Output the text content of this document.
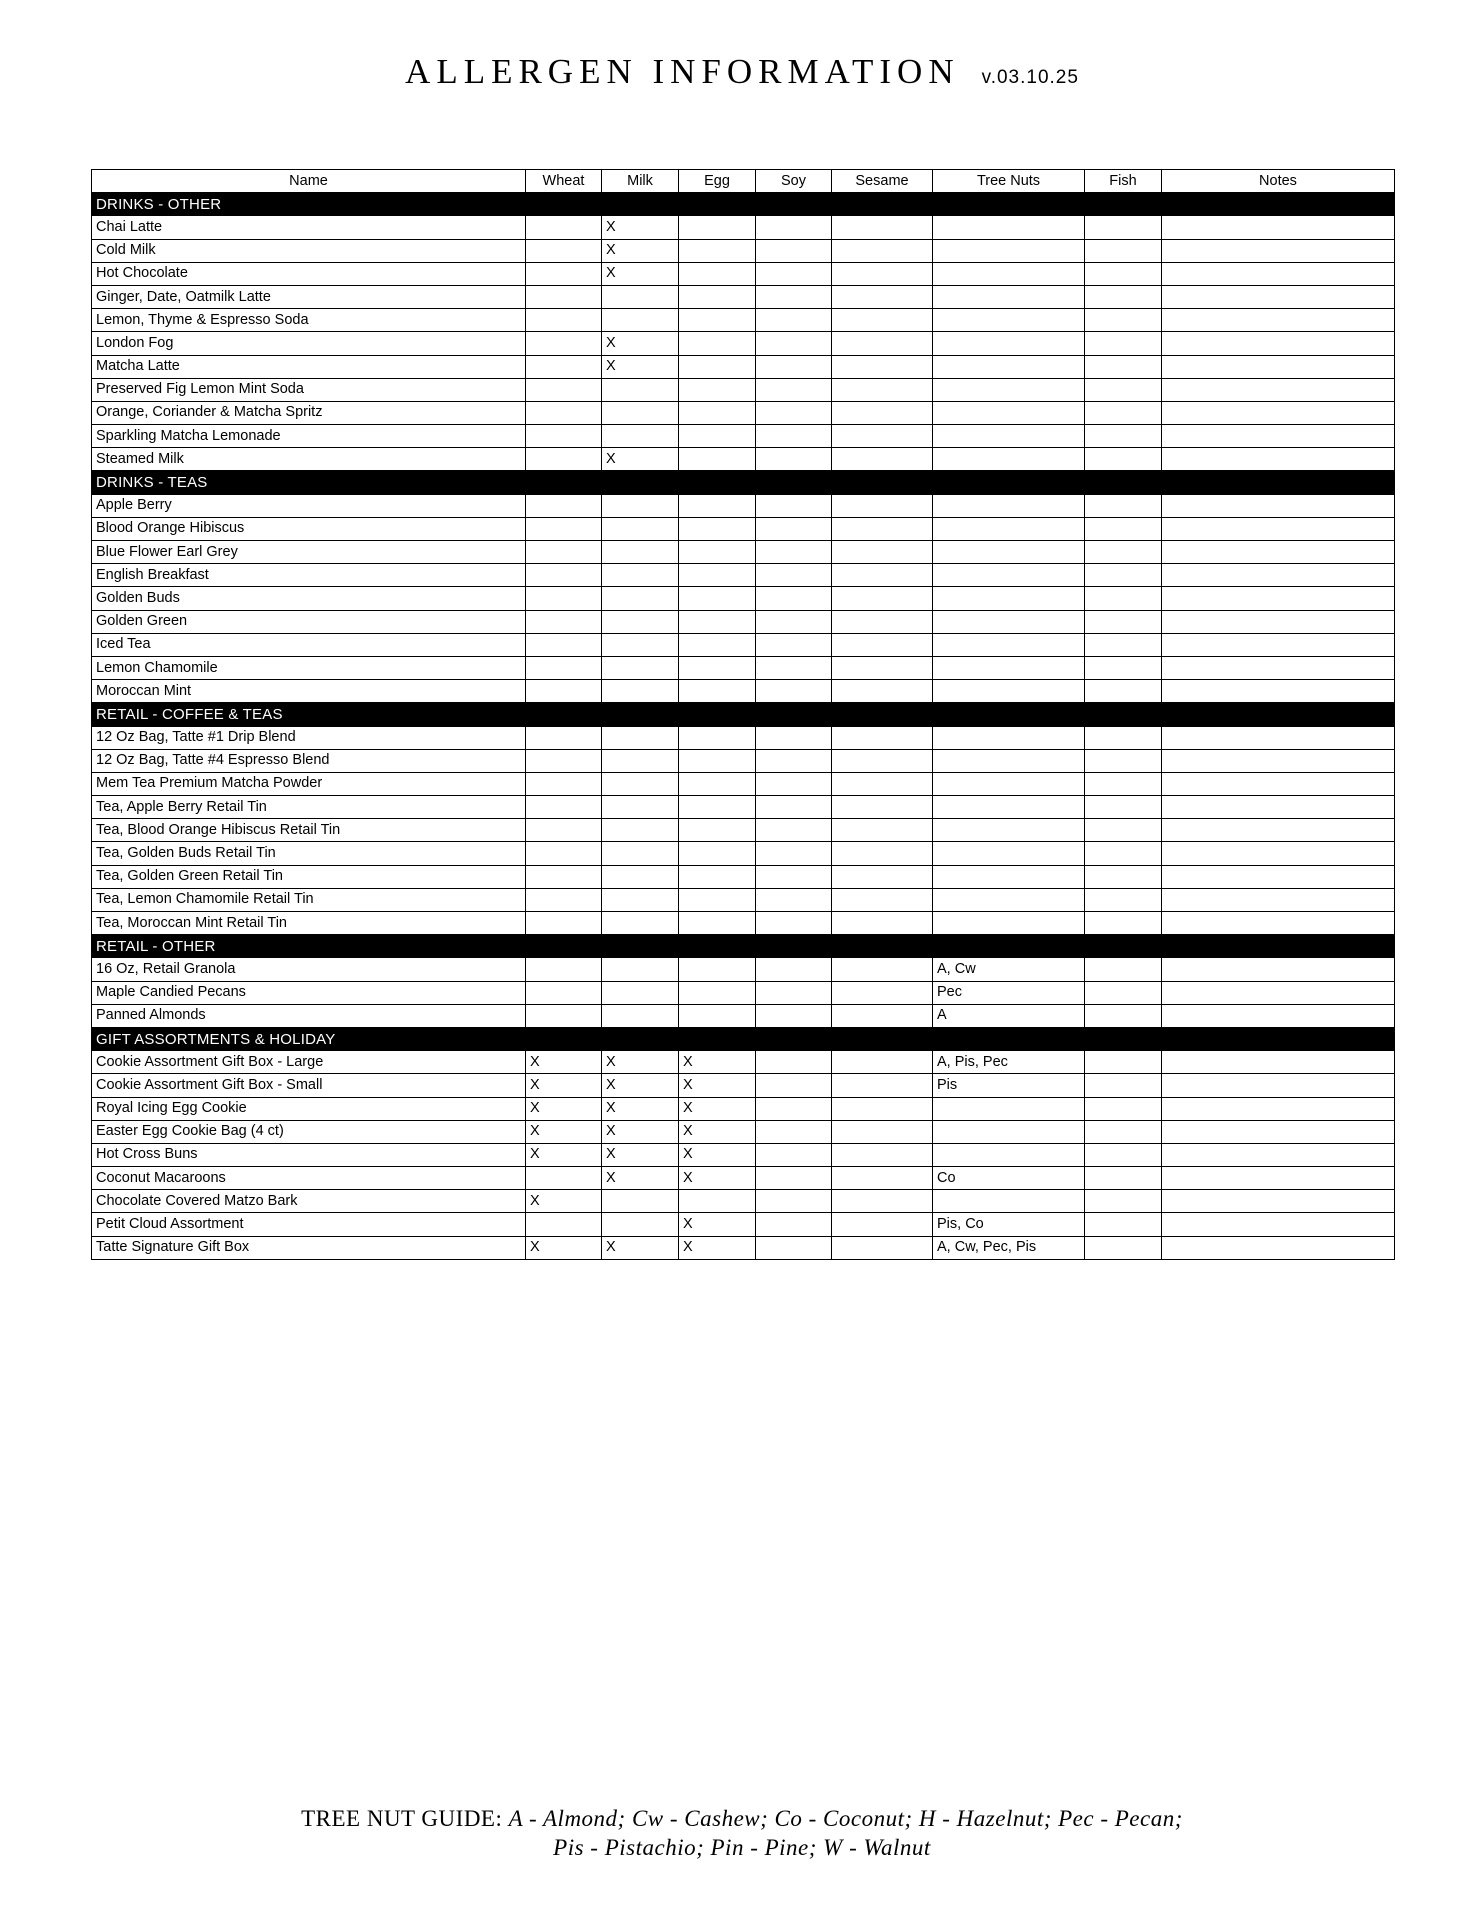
ALLERGEN INFORMATION v.03.10.25
Name	Wheat	Milk	Egg	Soy	Sesame	Tree Nuts	Fish	Notes
DRINKS - OTHER								
Chai Latte		X						
Cold Milk		X						
Hot Chocolate		X						
Ginger, Date, Oatmilk Latte								
Lemon, Thyme & Espresso Soda								
London Fog		X						
Matcha Latte		X						
Preserved Fig Lemon Mint Soda								
Orange, Coriander & Matcha Spritz								
Sparkling Matcha Lemonade								
Steamed Milk		X						
DRINKS - TEAS								
Apple Berry								
Blood Orange Hibiscus								
Blue Flower Earl Grey								
English Breakfast								
Golden Buds								
Golden Green								
Iced Tea								
Lemon Chamomile								
Moroccan Mint								
RETAIL - COFFEE & TEAS								
12 Oz Bag, Tatte #1 Drip Blend								
12 Oz Bag, Tatte #4 Espresso Blend								
Mem Tea Premium Matcha Powder								
Tea, Apple Berry Retail Tin								
Tea, Blood Orange Hibiscus Retail Tin								
Tea, Golden Buds Retail Tin								
Tea, Golden Green Retail Tin								
Tea, Lemon Chamomile Retail Tin								
Tea, Moroccan Mint Retail Tin								
RETAIL - OTHER								
16 Oz, Retail Granola						A, Cw		
Maple Candied Pecans						Pec		
Panned Almonds						A		
GIFT ASSORTMENTS & HOLIDAY								
Cookie Assortment Gift Box - Large	X	X	X			A, Pis, Pec		
Cookie Assortment Gift Box - Small	X	X	X			Pis		
Royal Icing Egg Cookie	X	X	X					
Easter Egg Cookie Bag (4 ct)	X	X	X					
Hot Cross Buns	X	X	X					
Coconut Macaroons		X	X			Co		
Chocolate Covered Matzo Bark	X							
Petit Cloud Assortment			X			Pis, Co		
Tatte Signature Gift Box	X	X	X			A, Cw, Pec, Pis		
TREE NUT GUIDE: A - Almond; Cw - Cashew; Co - Coconut; H - Hazelnut; Pec - Pecan;
Pis - Pistachio; Pin - Pine; W - Walnut
